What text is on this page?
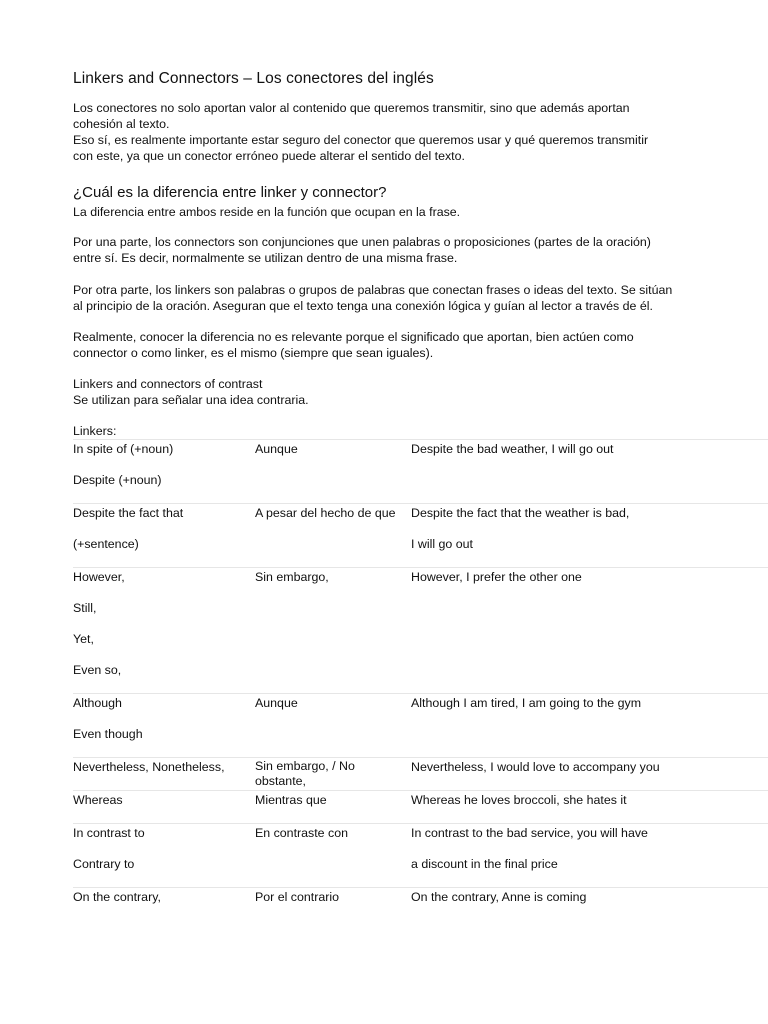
Linkers and Connectors – Los conectores del inglés
Los conectores no solo aportan valor al contenido que queremos transmitir, sino que además aportan
cohesión al texto.
Eso sí, es realmente importante estar seguro del conector que queremos usar y qué queremos transmitir
con este, ya que un conector erróneo puede alterar el sentido del texto.
¿Cuál es la diferencia entre linker y connector?
La diferencia entre ambos reside en la función que ocupan en la frase.
Por una parte, los connectors son conjunciones que unen palabras o proposiciones (partes de la oración)
entre sí. Es decir, normalmente se utilizan dentro de una misma frase.
Por otra parte, los linkers son palabras o grupos de palabras que conectan frases o ideas del texto. Se sitúan
al principio de la oración. Aseguran que el texto tenga una conexión lógica y guían al lector a través de él.
Realmente, conocer la diferencia no es relevante porque el significado que aportan, bien actúen como
connector o como linker, es el mismo (siempre que sean iguales).
Linkers and connectors of contrast
Se utilizan para señalar una idea contraria.
Linkers:
In spite of (+noun)
Despite (+noun)	Aunque	Despite the bad weather, I will go out

Despite the fact that
(+sentence)	A pesar del hecho de que	Despite the fact that the weather is bad,
I will go out

However,
Still,
Yet,
Even so,	Sin embargo,	However, I prefer the other one

Although
Even though	Aunque	Although I am tired, I am going to the gym

Nevertheless, Nonetheless,	Sin embargo, / No
obstante,	Nevertheless, I would love to accompany you

Whereas	Mientras que	Whereas he loves broccoli, she hates it

In contrast to
Contrary to	En contraste con	In contrast to the bad service, you will have
a discount in the final price

On the contrary,	Por el contrario	On the contrary, Anne is coming
